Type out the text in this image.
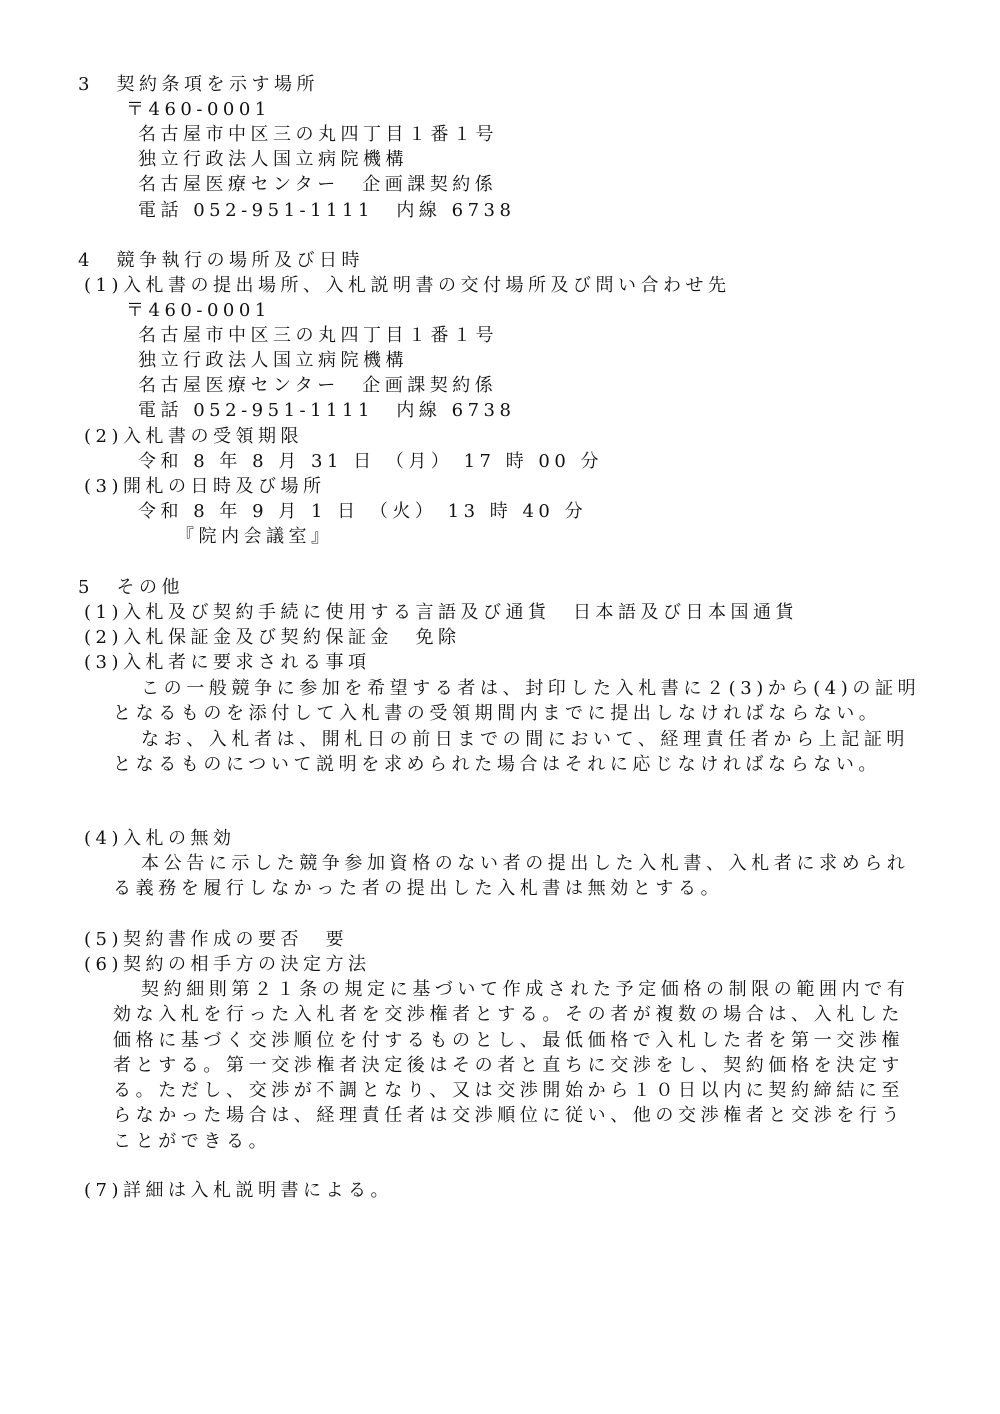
3　契約条項を示す場所
〒460-0001
名古屋市中区三の丸四丁目１番１号
独立行政法人国立病院機構
名古屋医療センター　企画課契約係
電話 052-951-1111　内線 6738
4　競争執行の場所及び日時
(1)入札書の提出場所、入札説明書の交付場所及び問い合わせ先
〒460-0001
名古屋市中区三の丸四丁目１番１号
独立行政法人国立病院機構
名古屋医療センター　企画課契約係
電話 052-951-1111　内線 6738
(2)入札書の受領期限
令和 8 年 8 月 31 日 （月） 17 時 00 分
(3)開札の日時及び場所
令和 8 年 9 月 1 日 （火） 13 時 40 分
『院内会議室』
5　その他
(1)入札及び契約手続に使用する言語及び通貨　日本語及び日本国通貨
(2)入札保証金及び契約保証金　免除
(3)入札者に要求される事項

この一般競争に参加を希望する者は、封印した入札書に２(3)から(4)の証明となるものを添付して入札書の受領期間内までに提出しなければならない。

なお、入札者は、開札日の前日までの間において、経理責任者から上記証明となるものについて説明を求められた場合はそれに応じなければならない。

(4)入札の無効

本公告に示した競争参加資格のない者の提出した入札書、入札者に求められる義務を履行しなかった者の提出した入札書は無効とする。

(5)契約書作成の要否　要
(6)契約の相手方の決定方法

契約細則第２１条の規定に基づいて作成された予定価格の制限の範囲内で有効な入札を行った入札者を交渉権者とする。その者が複数の場合は、入札した価格に基づく交渉順位を付するものとし、最低価格で入札した者を第一交渉権者とする。第一交渉権者決定後はその者と直ちに交渉をし、契約価格を決定する。ただし、交渉が不調となり、又は交渉開始から１０日以内に契約締結に至らなかった場合は、経理責任者は交渉順位に従い、他の交渉権者と交渉を行うことができる。

(7)詳細は入札説明書による。
